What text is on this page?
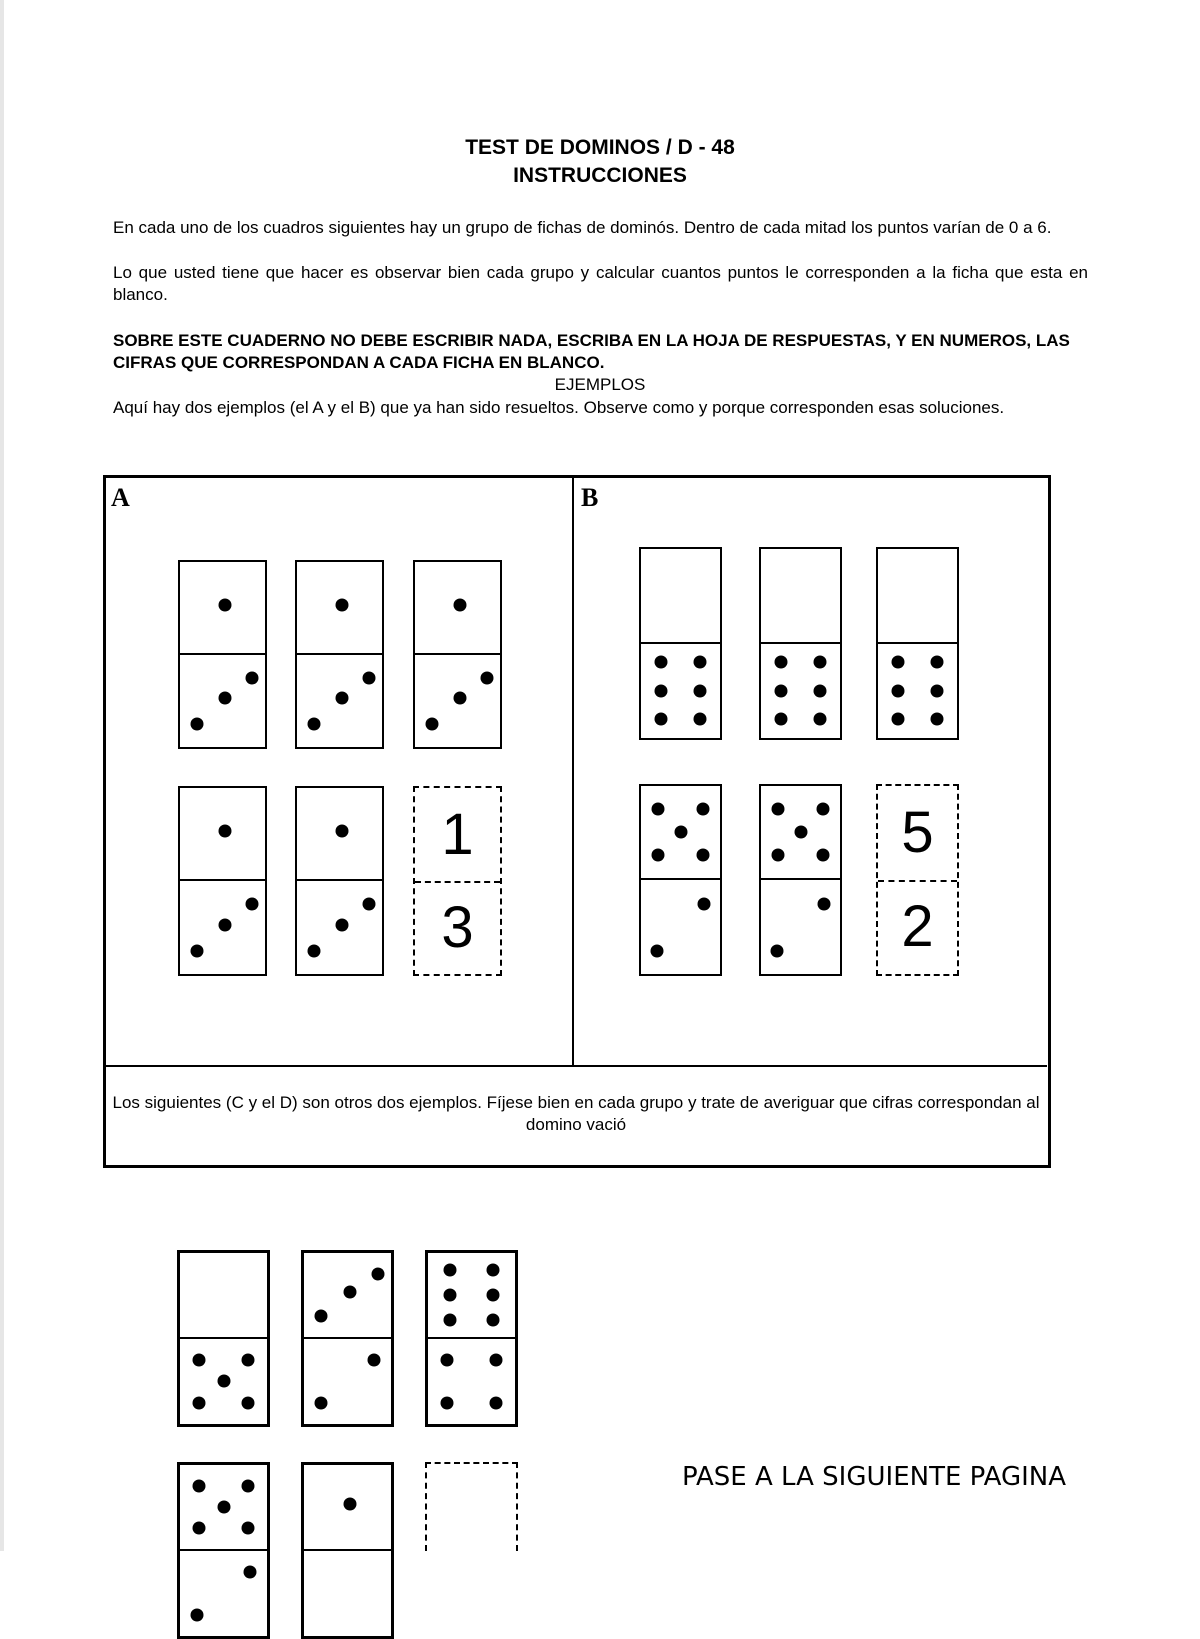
TEST DE DOMINOS / D - 48
INSTRUCCIONES

En cada uno de los cuadros siguientes hay un grupo de fichas de dominós. Dentro de cada mitad los puntos varían de 0 a 6.

Lo que usted tiene que hacer es observar bien cada grupo y calcular cuantos puntos le corresponden a la ficha que esta en blanco.

SOBRE ESTE CUADERNO NO DEBE ESCRIBIR NADA, ESCRIBA EN LA HOJA DE RESPUESTAS, Y EN NUMEROS, LAS CIFRAS QUE CORRESPONDAN A CADA FICHA EN BLANCO.
EJEMPLOS

Aquí hay dos ejemplos (el A y el B) que ya han sido resueltos. Observe como y porque corresponden esas soluciones.

A	B
1
3
5
2
Los siguientes (C y el D) son otros dos ejemplos. Fíjese bien en cada grupo y trate de averiguar que cifras correspondan al domino vació
PASE A LA SIGUIENTE PAGINA
